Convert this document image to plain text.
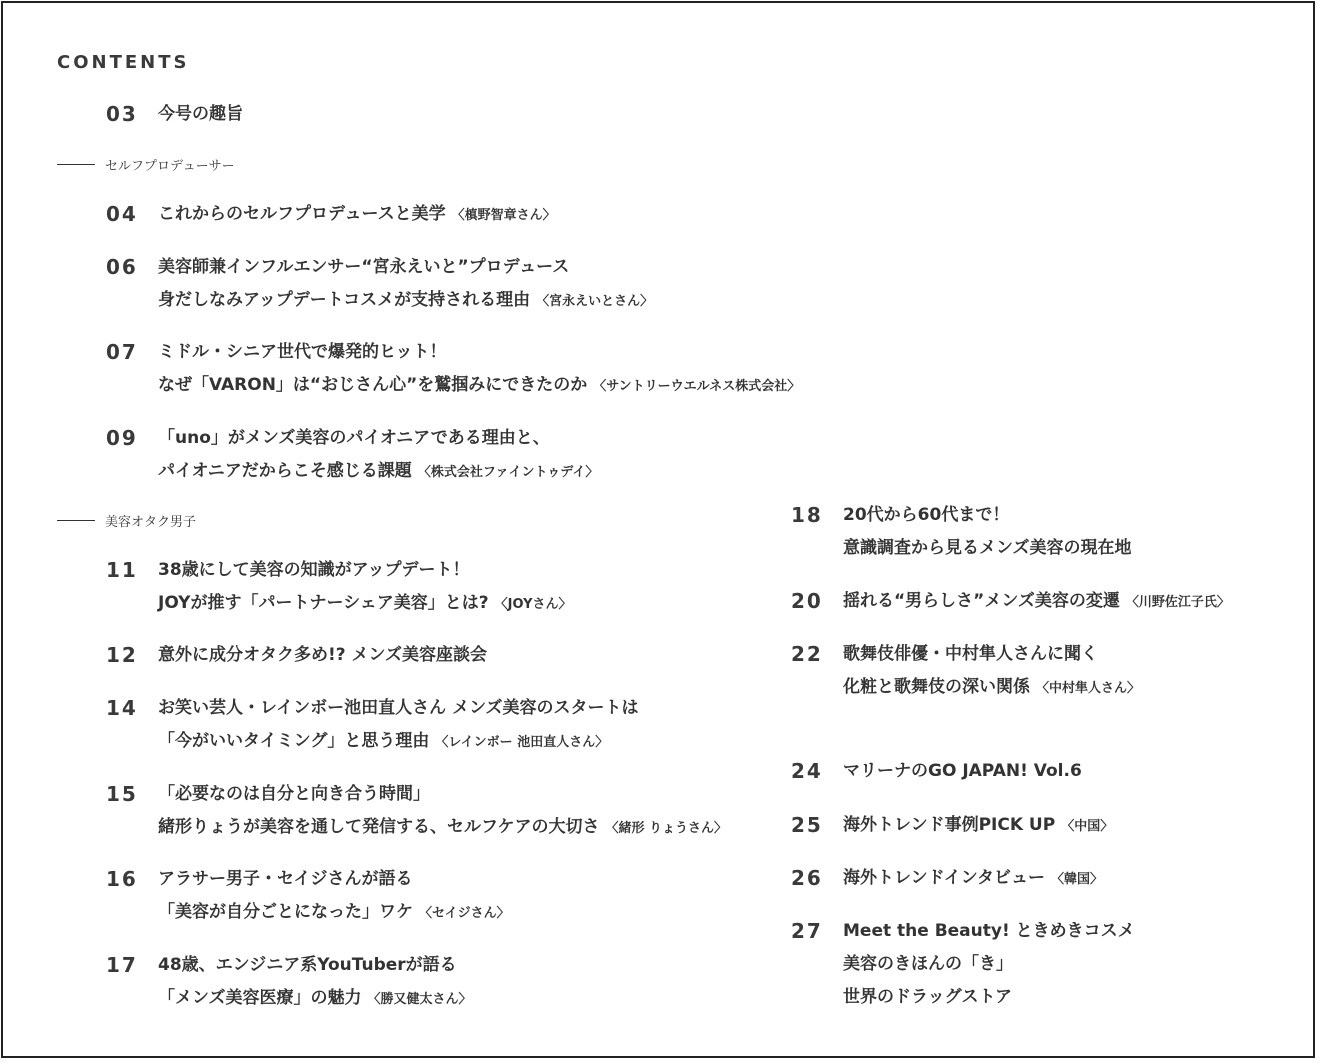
CONTENTS
セルフプロデューサー
美容オタク男子
03	今号の趣旨
04	これからのセルフプロデュースと美学 〈槙野智章さん〉
06	美容師兼インフルエンサー“宮永えいと”プロデュース
身だしなみアップデートコスメが支持される理由 〈宮永えいとさん〉
07	ミドル・シニア世代で爆発的ヒット！
なぜ「VARON」は“おじさん心”を鷲掴みにできたのか 〈サントリーウエルネス株式会社〉
09	「uno」がメンズ美容のパイオニアである理由と、
パイオニアだからこそ感じる課題 〈株式会社ファイントゥデイ〉
11	38歳にして美容の知識がアップデート！
JOYが推す「パートナーシェア美容」とは? 〈JOYさん〉
12	意外に成分オタク多め!? メンズ美容座談会
14	お笑い芸人・レインボー池田直人さん メンズ美容のスタートは
「今がいいタイミング」と思う理由 〈レインボー 池田直人さん〉
15	「必要なのは自分と向き合う時間」
緒形りょうが美容を通して発信する、セルフケアの大切さ 〈緒形 りょうさん〉
16	アラサー男子・セイジさんが語る
「美容が自分ごとになった」ワケ 〈セイジさん〉
17	48歳、エンジニア系YouTuberが語る
「メンズ美容医療」の魅力 〈勝又健太さん〉
18	20代から60代まで！
意識調査から見るメンズ美容の現在地
20	揺れる“男らしさ”メンズ美容の変遷 〈川野佐江子氏〉
22	歌舞伎俳優・中村隼人さんに聞く
化粧と歌舞伎の深い関係 〈中村隼人さん〉
24	マリーナのGO JAPAN! Vol.6
25	海外トレンド事例PICK UP 〈中国〉
26	海外トレンドインタビュー 〈韓国〉
27	Meet the Beauty! ときめきコスメ
美容のきほんの「き」
世界のドラッグストア
